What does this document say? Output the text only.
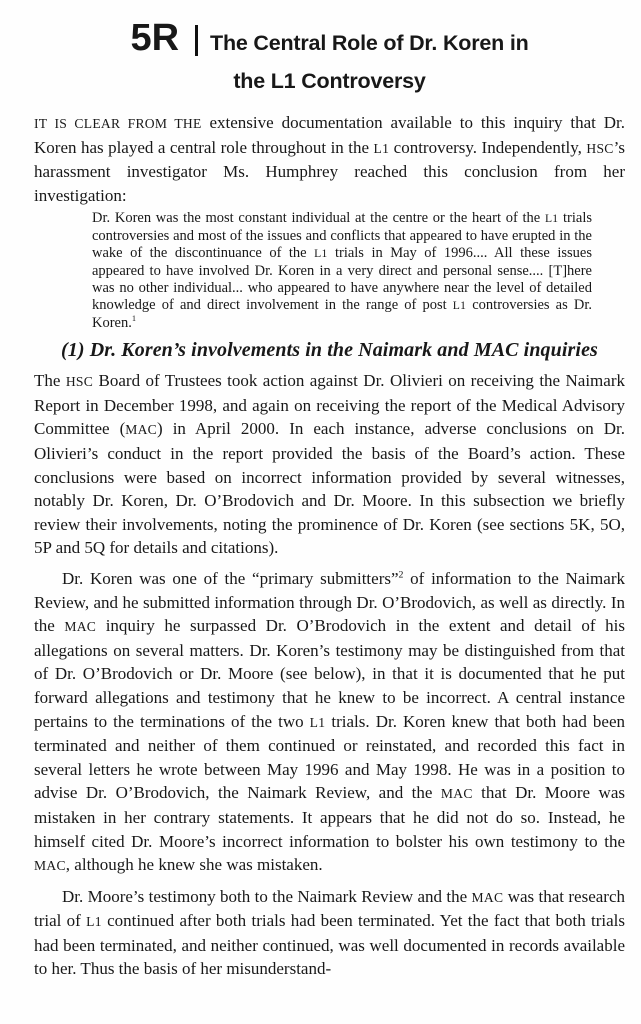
5R The Central Role of Dr. Koren in
the L1 Controversy

IT IS CLEAR FROM THE extensive documentation available to this inquiry that Dr. Koren has played a central role throughout in the L1 controversy. Independently, HSC’s harassment investigator Ms. Humphrey reached this conclusion from her investigation:

Dr. Koren was the most constant individual at the centre or the heart of the L1 trials controversies and most of the issues and conflicts that appeared to have erupted in the wake of the discontinuance of the L1 trials in May of 1996.... All these issues appeared to have involved Dr. Koren in a very direct and personal sense.... [T]here was no other individual... who appeared to have anywhere near the level of detailed knowledge of and direct involvement in the range of post L1 controversies as Dr. Koren.$^1$
(1) Dr. Koren’s involvements in the Naimark and MAC inquiries

The HSC Board of Trustees took action against Dr. Olivieri on receiving the Naimark Report in December 1998, and again on receiving the report of the Medical Advisory Committee (MAC) in April 2000. In each instance, adverse conclusions on Dr. Olivieri’s conduct in the report provided the basis of the Board’s action. These conclusions were based on incorrect information provided by several witnesses, notably Dr. Koren, Dr. O’Brodovich and Dr. Moore. In this subsection we briefly review their involvements, noting the prominence of Dr. Koren (see sections 5K, 5O, 5P and 5Q for details and citations).

Dr. Koren was one of the “primary submitters”$^2$ of information to the Naimark Review, and he submitted information through Dr. O’Brodovich, as well as directly. In the MAC inquiry he surpassed Dr. O’Brodovich in the extent and detail of his allegations on several matters. Dr. Koren’s testimony may be distinguished from that of Dr. O’Brodovich or Dr. Moore (see below), in that it is documented that he put forward allegations and testimony that he knew to be incorrect. A central instance pertains to the terminations of the two L1 trials. Dr. Koren knew that both had been terminated and neither of them continued or reinstated, and recorded this fact in several letters he wrote between May 1996 and May 1998. He was in a position to advise Dr. O’Brodovich, the Naimark Review, and the MAC that Dr. Moore was mistaken in her contrary statements. It appears that he did not do so. Instead, he himself cited Dr. Moore’s incorrect information to bolster his own testimony to the MAC, although he knew she was mistaken.

Dr. Moore’s testimony both to the Naimark Review and the MAC was that research trial of L1 continued after both trials had been terminated. Yet the fact that both trials had been terminated, and neither continued, was well documented in records available to her. Thus the basis of her misunderstand-
